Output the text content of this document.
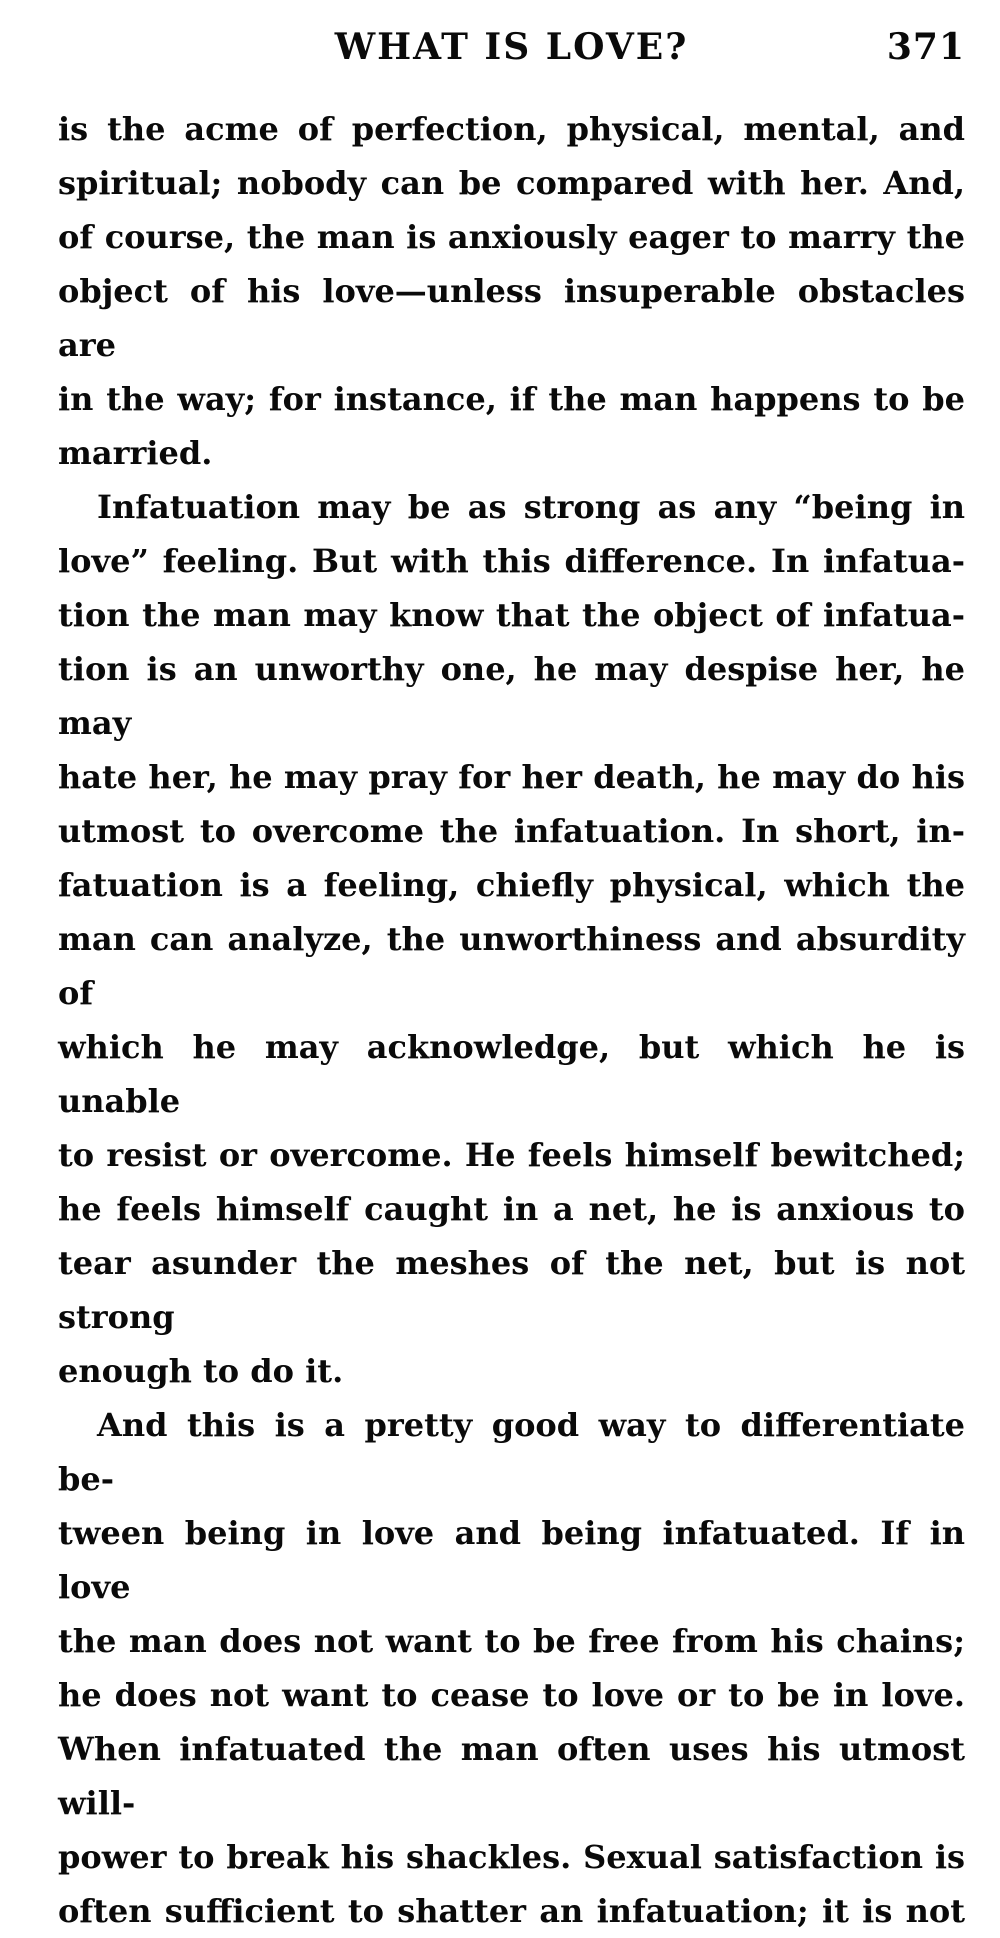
WHAT IS LOVE?	371
is the acme of perfection, physical, mental, and
spiritual; nobody can be compared with her. And,
of course, the man is anxiously eager to marry the
object of his love—unless insuperable obstacles are
in the way; for instance, if the man happens to be
married.
Infatuation may be as strong as any “being in
love” feeling. But with this difference. In infatua-
tion the man may know that the object of infatua-
tion is an unworthy one, he may despise her, he may
hate her, he may pray for her death, he may do his
utmost to overcome the infatuation. In short, in-
fatuation is a feeling, chiefly physical, which the
man can analyze, the unworthiness and absurdity of
which he may acknowledge, but which he is unable
to resist or overcome. He feels himself bewitched;
he feels himself caught in a net, he is anxious to
tear asunder the meshes of the net, but is not strong
enough to do it.
And this is a pretty good way to differentiate be-
tween being in love and being infatuated. If in love
the man does not want to be free from his chains;
he does not want to cease to love or to be in love.
When infatuated the man often uses his utmost will-
power to break his shackles. Sexual satisfaction is
often sufficient to shatter an infatuation; it is not
